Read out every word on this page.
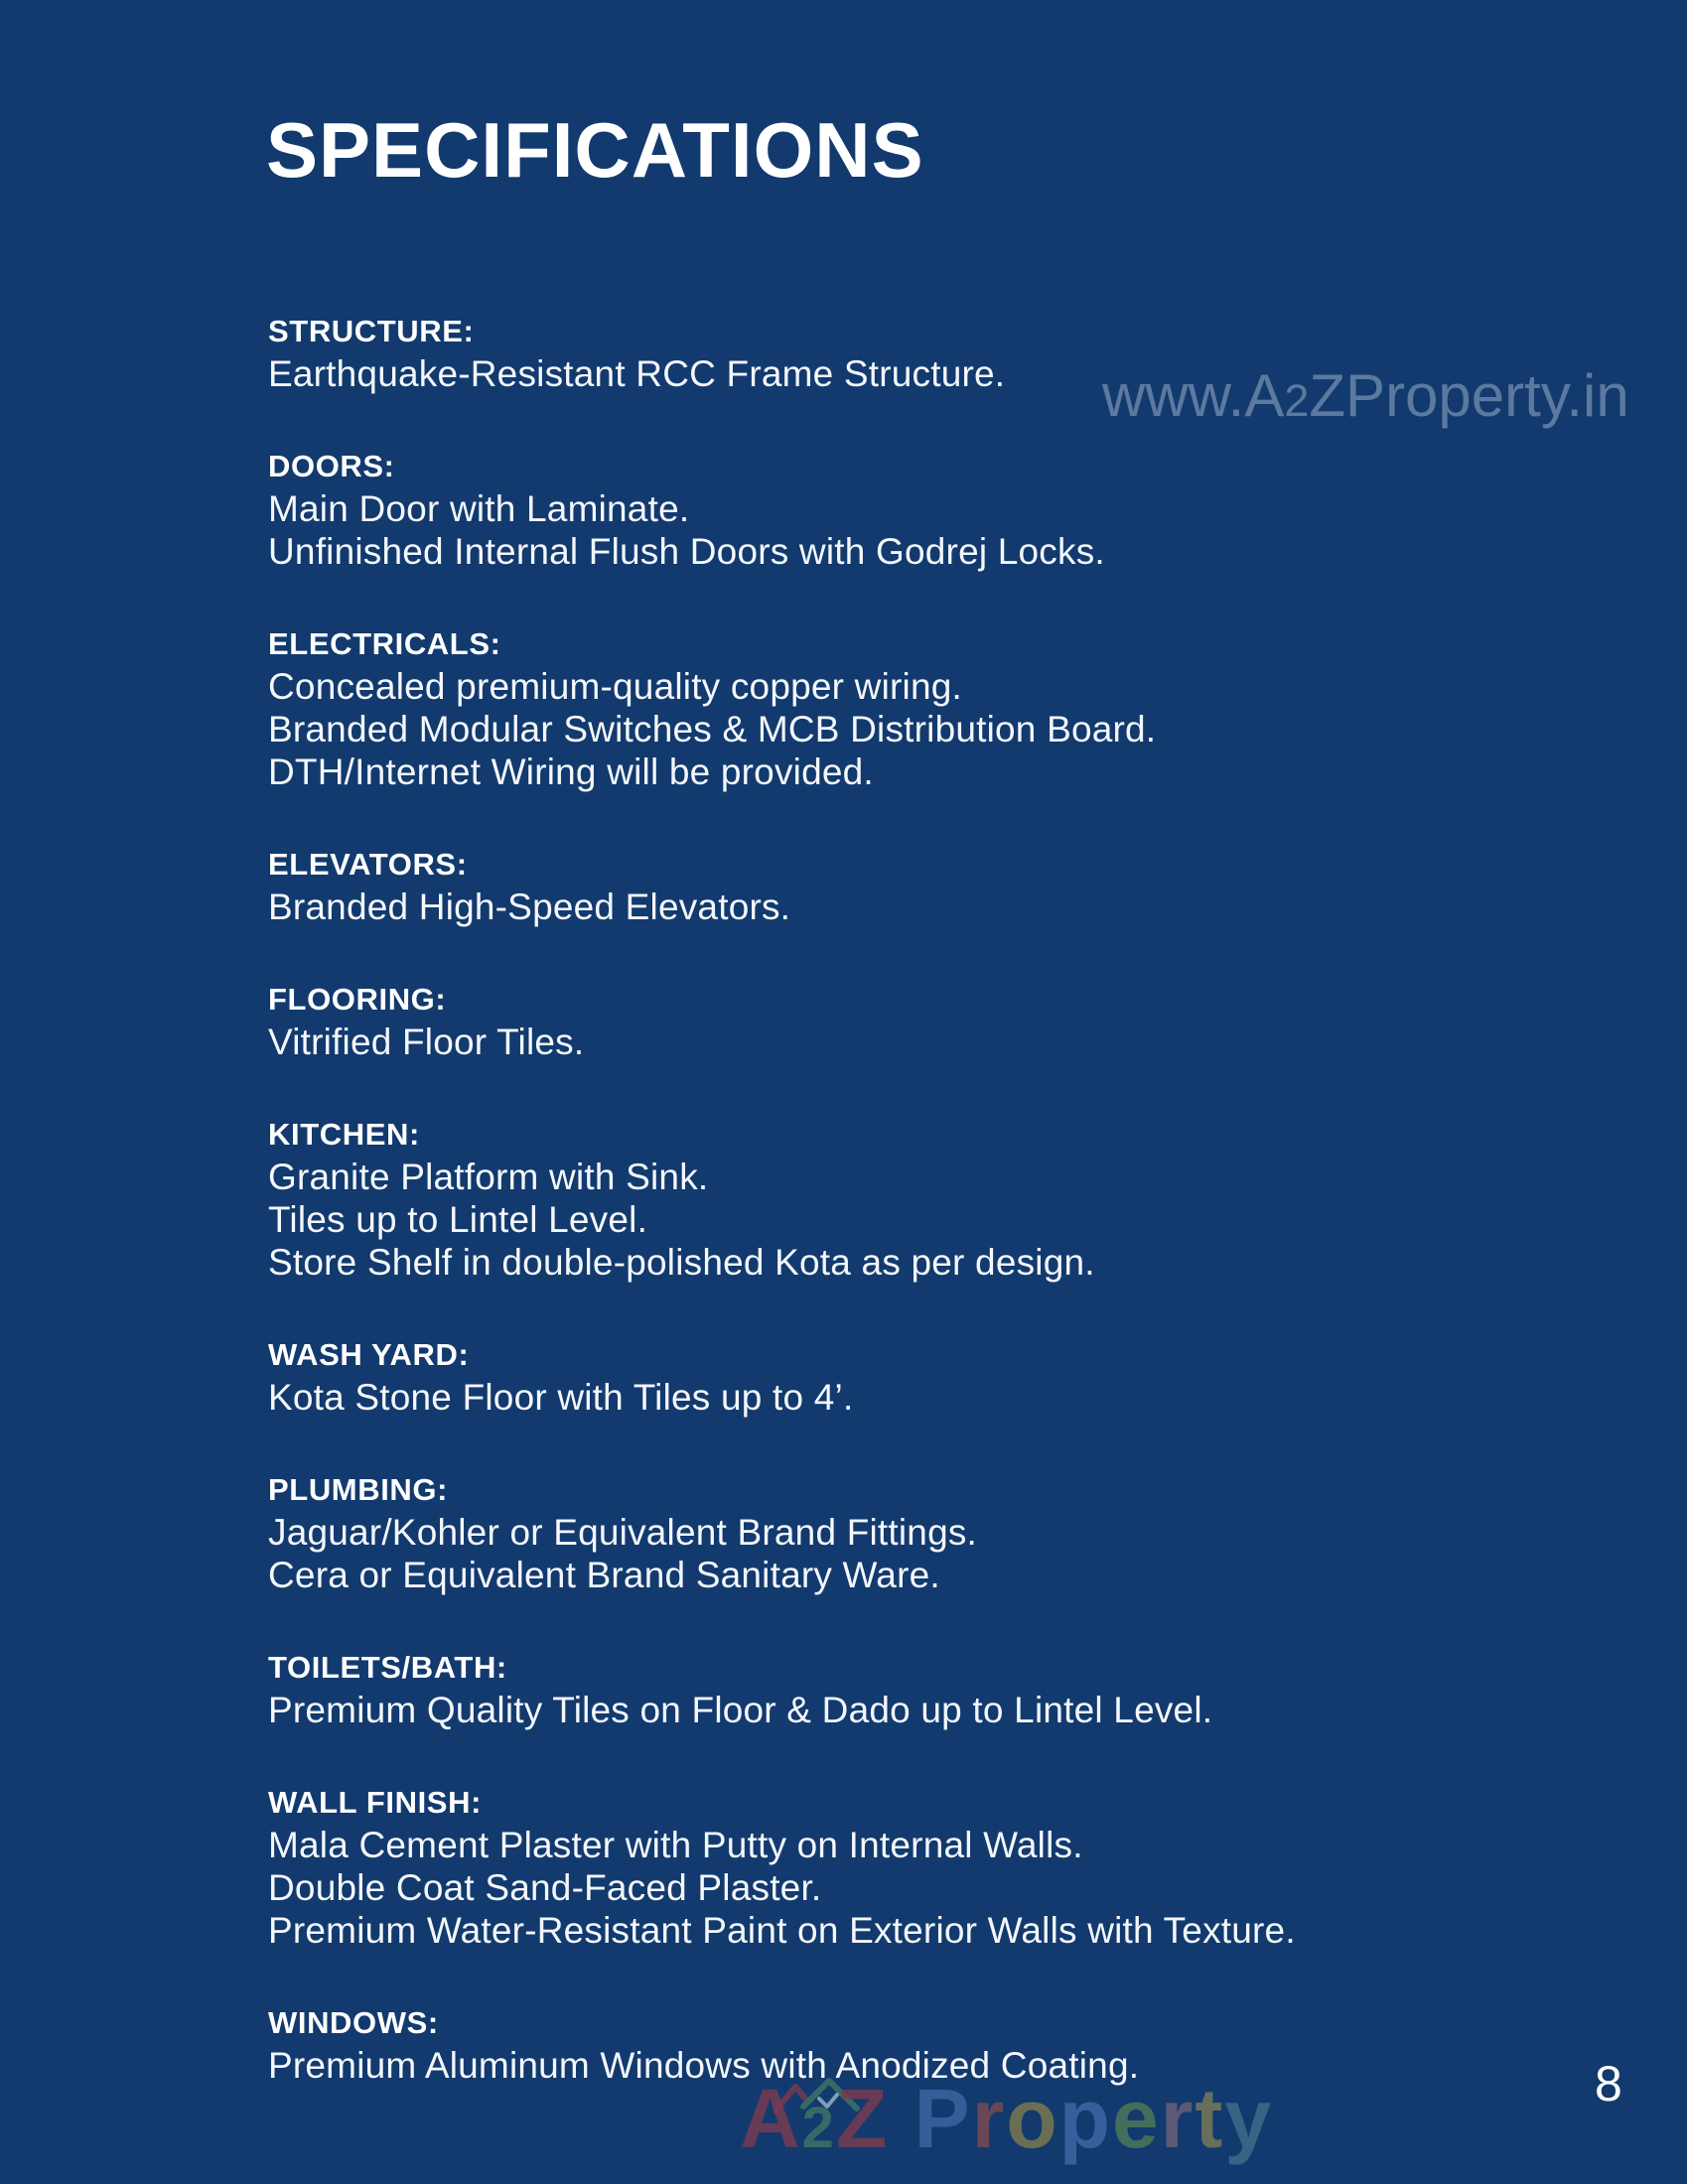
SPECIFICATIONS
www.A2ZProperty.in
STRUCTURE:

Earthquake-Resistant RCC Frame Structure.

DOORS:

Main Door with Laminate.

Unfinished Internal Flush Doors with Godrej Locks.

ELECTRICALS:

Concealed premium-quality copper wiring.

Branded Modular Switches & MCB Distribution Board.

DTH/Internet Wiring will be provided.

ELEVATORS:

Branded High-Speed Elevators.

FLOORING:

Vitrified Floor Tiles.

KITCHEN:

Granite Platform with Sink.

Tiles up to Lintel Level.

Store Shelf in double-polished Kota as per design.

WASH YARD:

Kota Stone Floor with Tiles up to 4’.

PLUMBING:

Jaguar/Kohler or Equivalent Brand Fittings.

Cera or Equivalent Brand Sanitary Ware.

TOILETS/BATH:

Premium Quality Tiles on Floor & Dado up to Lintel Level.

WALL FINISH:

Mala Cement Plaster with Putty on Internal Walls.

Double Coat Sand-Faced Plaster.

Premium Water-Resistant Paint on Exterior Walls with Texture.

WINDOWS:

Premium Aluminum Windows with Anodized Coating.	8
A2Z Property
